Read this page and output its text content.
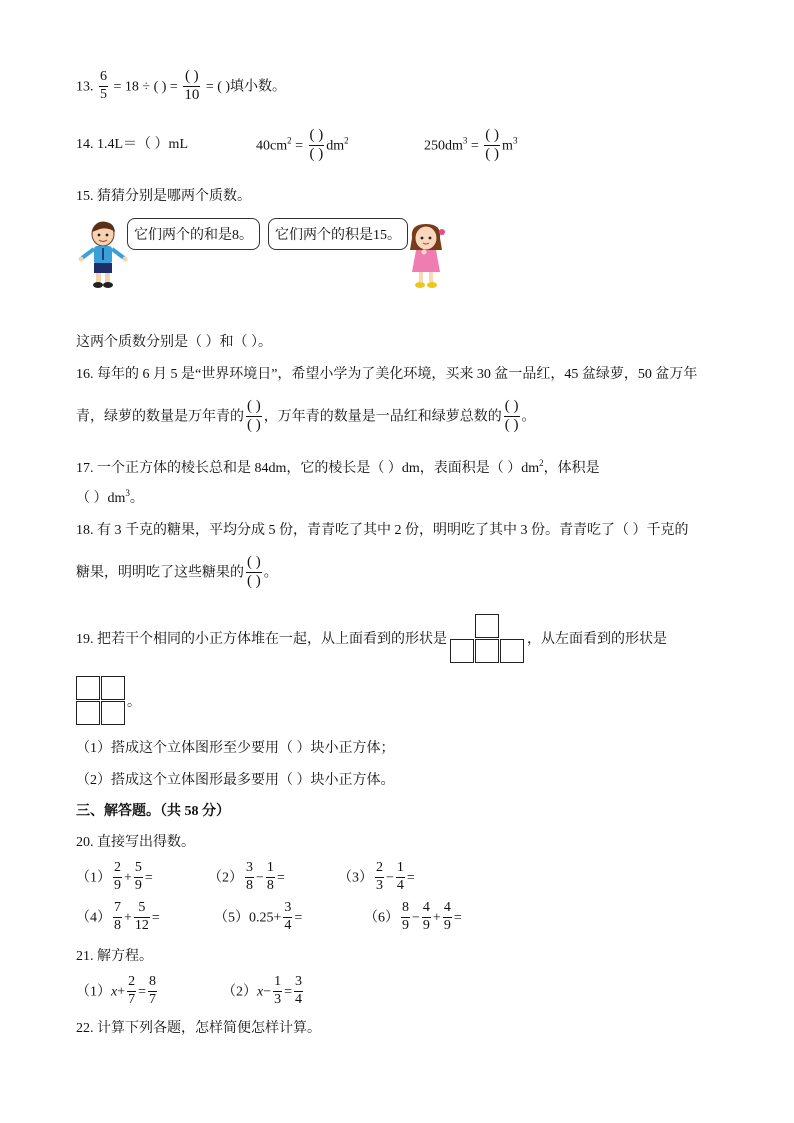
13. $\frac{6}{5} = 18$ ÷ ( ) = $\frac{( )}{10}$ = ( )填小数。
14. 1.4L＝（ ）mL	$40cm^2 = \frac{( )}{( )} dm^2$	$250dm^3 = \frac{( )}{( )} m^3$
15. 猜猜分别是哪两个质数。
它们两个的和是8。	它们两个的积是15。
这两个质数分别是（ ）和（ ）。
16. 每年的 6 月 5 是“世界环境日”，希望小学为了美化环境，买来 30 盆一品红，45 盆绿萝，50 盆万年
青，绿萝的数量是万年青的 $\frac{( )}{( )}$ ，万年青的数量是一品红和绿萝总数的 $\frac{( )}{( )}$ 。
17. 一个正方体的棱长总和是 84dm，它的棱长是（ ）dm，表面积是（ ）$dm^2$，体积是
（ ）$dm^3$。
18. 有 3 千克的糖果，平均分成 5 份，青青吃了其中 2 份，明明吃了其中 3 份。青青吃了（ ）千克的
糖果，明明吃了这些糖果的 $\frac{( )}{( )}$ 。
19. 把若干个相同的小正方体堆在一起，从上面看到的形状是	，从左面看到的形状是
。
（1）搭成这个立体图形至少要用（ ）块小正方体；
（2）搭成这个立体图形最多要用（ ）块小正方体。
三、解答题。（共 58 分）
20. 直接写出得数。
$(1) \frac{2}{9} + \frac{5}{9}$ =	$(2) \frac{3}{8} - \frac{1}{8}$ =	$(3) \frac{2}{3} - \frac{1}{4}$ =
$(4) \frac{7}{8} + \frac{5}{12}$ =	$(5)0.25+ \frac{3}{4}$ =	$(6) \frac{8}{9} - \frac{4}{9} + \frac{4}{9}$ =
21. 解方程。
$(1)x+ \frac{2}{7} = \frac{8}{7}$	$(2)x- \frac{1}{3} = \frac{3}{4}$
22. 计算下列各题，怎样简便怎样计算。
